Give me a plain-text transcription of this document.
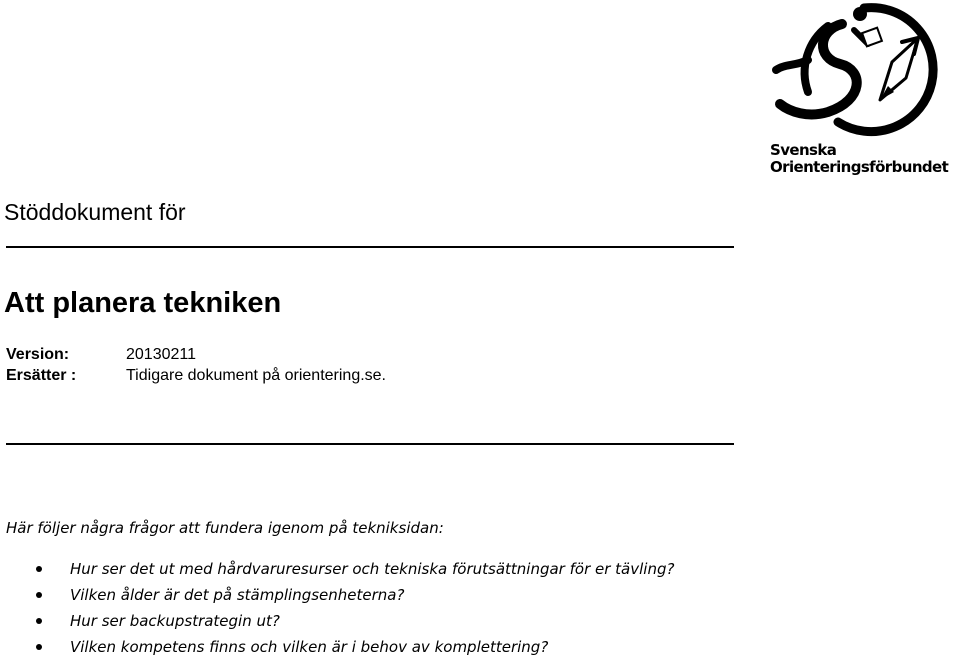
Svenska
Orienteringsförbundet
Stöddokument för
Att planera tekniken
Version:	20130211
Ersätter :	Tidigare dokument på orientering.se.
Här följer några frågor att fundera igenom på tekniksidan:
Hur ser det ut med hårdvaruresurser och tekniska förutsättningar för er tävling?
Vilken ålder är det på stämplingsenheterna?
Hur ser backupstrategin ut?
Vilken kompetens finns och vilken är i behov av komplettering?
